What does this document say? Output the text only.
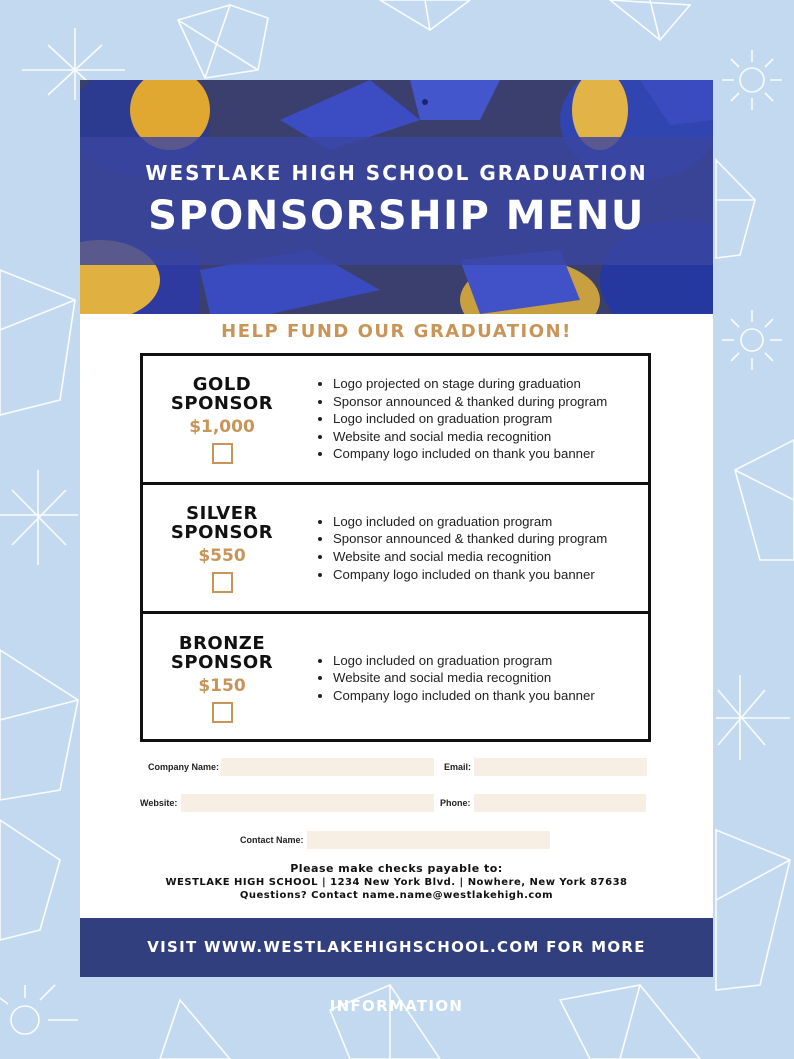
WESTLAKE HIGH SCHOOL GRADUATION
SPONSORSHIP MENU
HELP FUND OUR GRADUATION!
GOLD
SPONSOR
$1,000
• Logo projected on stage during graduation
• Sponsor announced & thanked during program
• Logo included on graduation program
• Website and social media recognition
• Company logo included on thank you banner
SILVER
SPONSOR
$550
• Logo included on graduation program
• Sponsor announced & thanked during program
• Website and social media recognition
• Company logo included on thank you banner
BRONZE
SPONSOR
$150
• Logo included on graduation program
• Website and social media recognition
• Company logo included on thank you banner
Company Name:	Email:
Website:	Phone:
Contact Name:
Please make checks payable to:
WESTLAKE HIGH SCHOOL | 1234 New York Blvd. | Nowhere, New York 87638
Questions? Contact name.name@westlakehigh.com
VISIT WWW.WESTLAKEHIGHSCHOOL.COM FOR MORE INFORMATION
